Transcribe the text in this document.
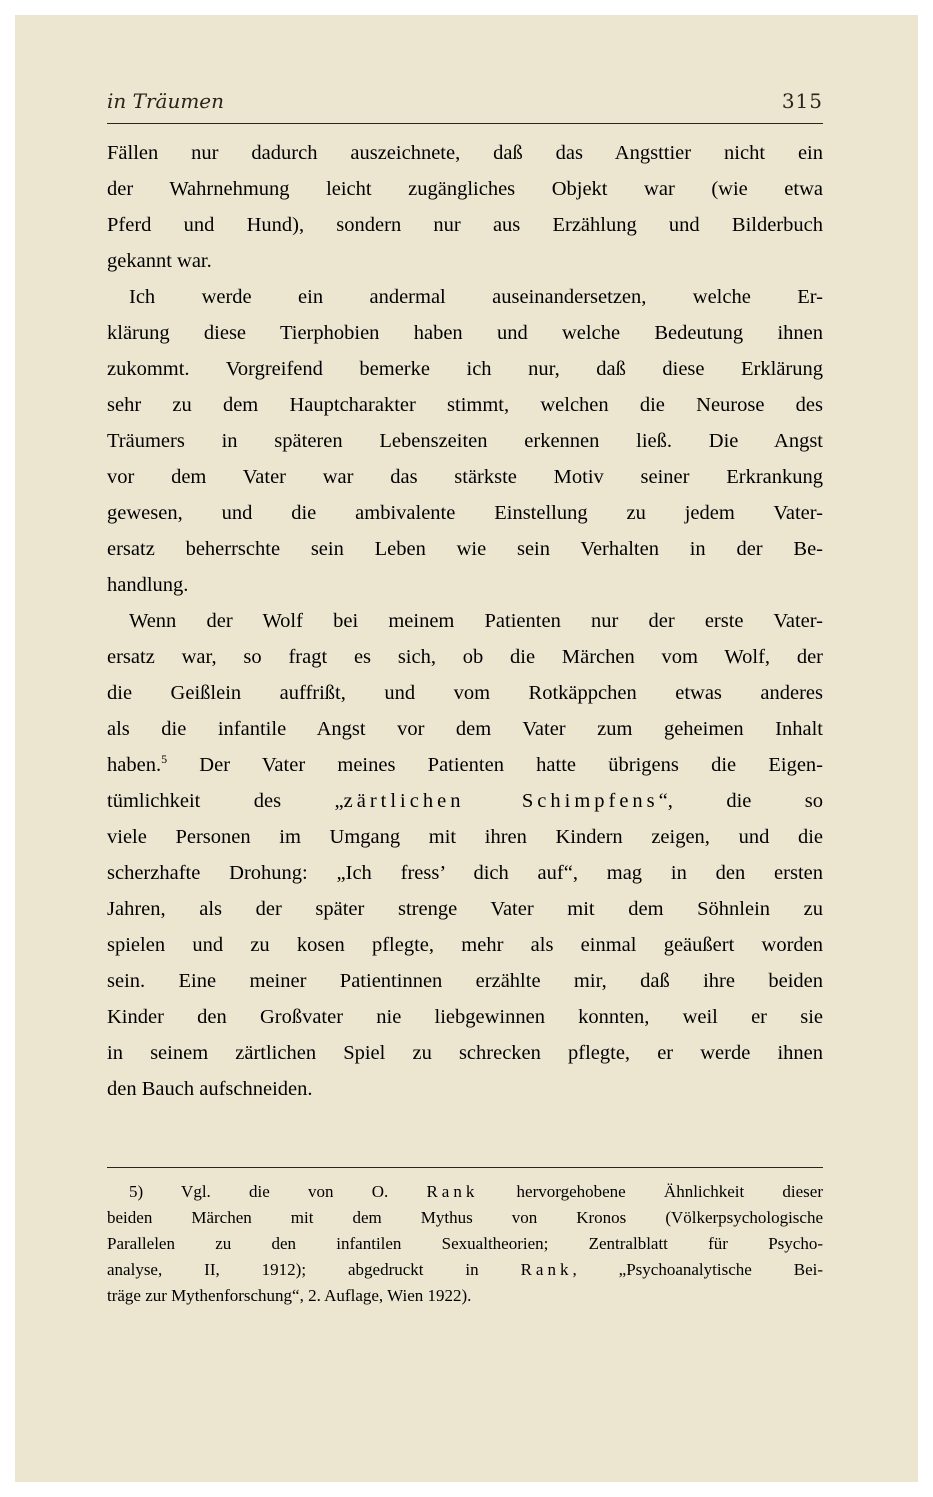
in Träumen	315
Fällen nur dadurch auszeichnete, daß das Angsttier nicht ein
der Wahrnehmung leicht zugängliches Objekt war (wie etwa
Pferd und Hund), sondern nur aus Erzählung und Bilderbuch
gekannt war.
Ich werde ein andermal auseinandersetzen, welche Er-
klärung diese Tierphobien haben und welche Bedeutung ihnen
zukommt. Vorgreifend bemerke ich nur, daß diese Erklärung
sehr zu dem Hauptcharakter stimmt, welchen die Neurose des
Träumers in späteren Lebenszeiten erkennen ließ. Die Angst
vor dem Vater war das stärkste Motiv seiner Erkrankung
gewesen, und die ambivalente Einstellung zu jedem Vater-
ersatz beherrschte sein Leben wie sein Verhalten in der Be-
handlung.
Wenn der Wolf bei meinem Patienten nur der erste Vater-
ersatz war, so fragt es sich, ob die Märchen vom Wolf, der
die Geißlein auffrißt, und vom Rotkäppchen etwas anderes
als die infantile Angst vor dem Vater zum geheimen Inhalt
haben.$^5$ Der Vater meines Patienten hatte übrigens die Eigen-
tümlichkeit des „zärtlichen Schimpfens“, die so
viele Personen im Umgang mit ihren Kindern zeigen, und die
scherzhafte Drohung: „Ich fress’ dich auf“, mag in den ersten
Jahren, als der später strenge Vater mit dem Söhnlein zu
spielen und zu kosen pflegte, mehr als einmal geäußert worden
sein. Eine meiner Patientinnen erzählte mir, daß ihre beiden
Kinder den Großvater nie liebgewinnen konnten, weil er sie
in seinem zärtlichen Spiel zu schrecken pflegte, er werde ihnen
den Bauch aufschneiden.
5) Vgl. die von O. Rank hervorgehobene Ähnlichkeit dieser
beiden Märchen mit dem Mythus von Kronos (Völkerpsychologische
Parallelen zu den infantilen Sexualtheorien; Zentralblatt für Psycho-
analyse, II, 1912); abgedruckt in Rank, „Psychoanalytische Bei-
träge zur Mythenforschung“, 2. Auflage, Wien 1922).
